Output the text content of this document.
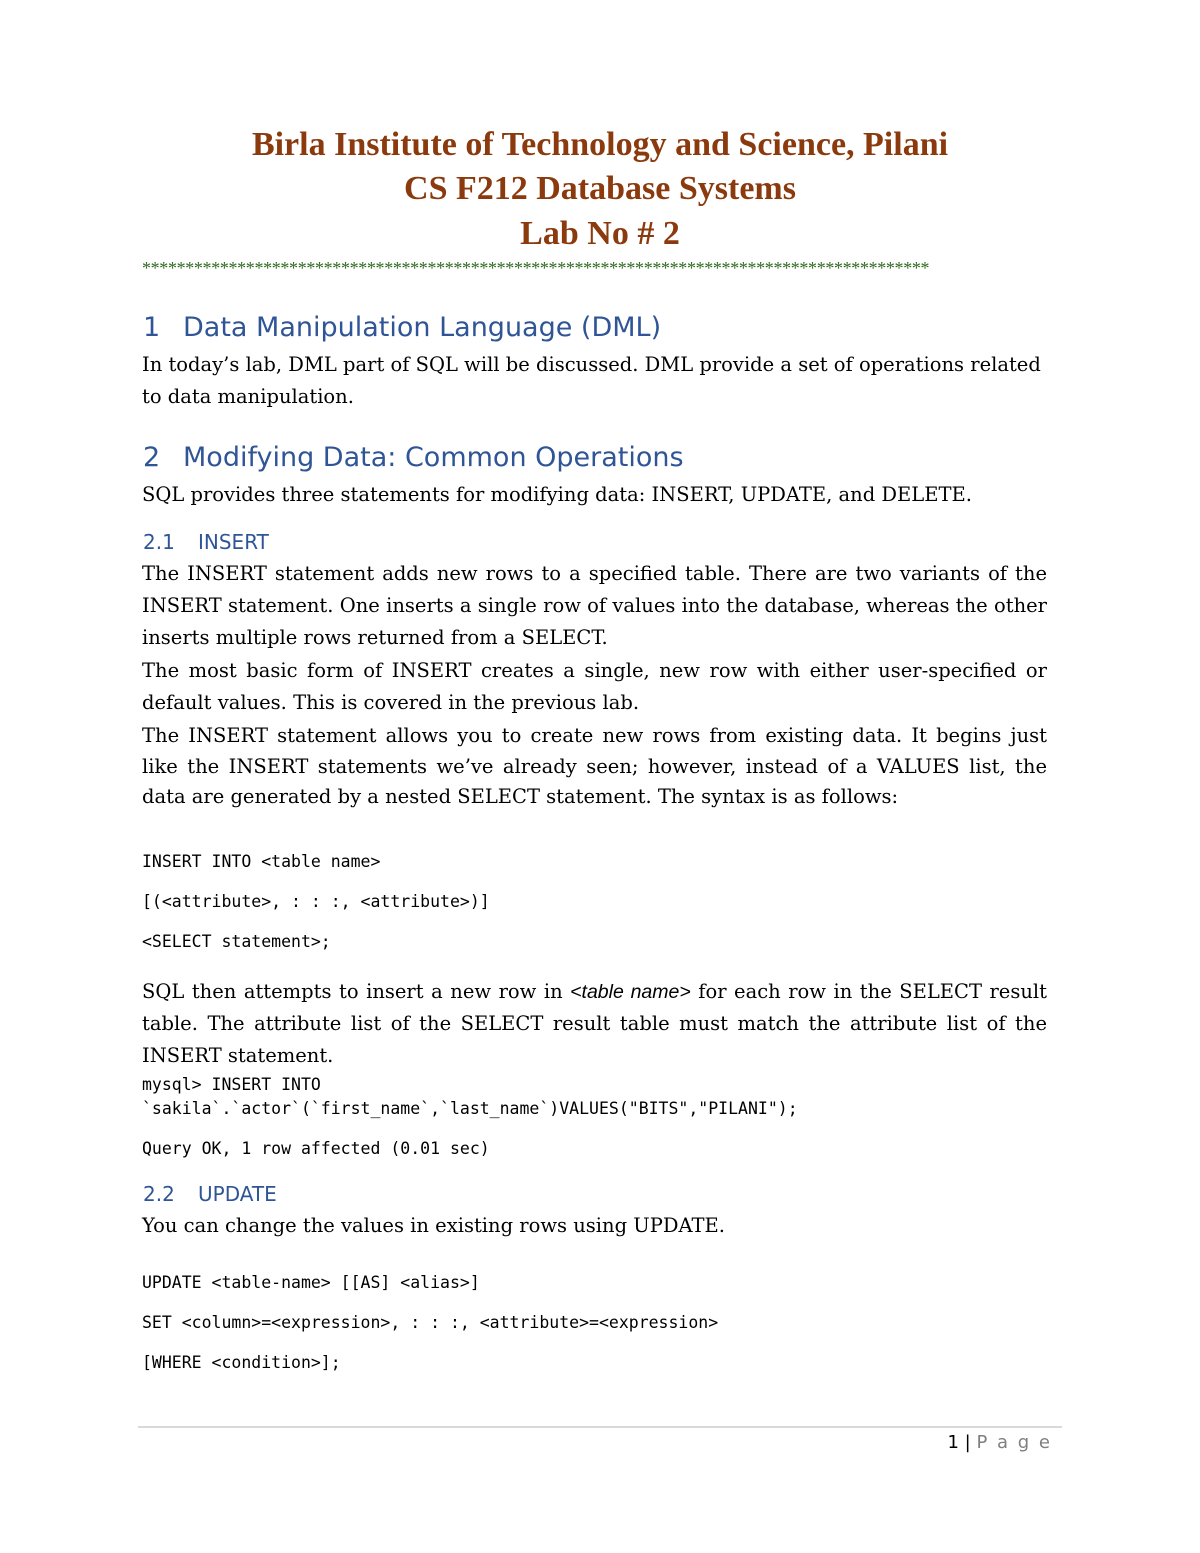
Birla Institute of Technology and Science, Pilani
CS F212 Database Systems
Lab No # 2
*******************************************************************************************
1 Data Manipulation Language (DML)
In today’s lab, DML part of SQL will be discussed. DML provide a set of operations related to data manipulation.
2 Modifying Data: Common Operations
SQL provides three statements for modifying data: INSERT, UPDATE, and DELETE.
2.1 INSERT
The INSERT statement adds new rows to a specified table. There are two variants of the INSERT statement. One inserts a single row of values into the database, whereas the other inserts multiple rows returned from a SELECT.
The most basic form of INSERT creates a single, new row with either user-specified or default values. This is covered in the previous lab.
The INSERT statement allows you to create new rows from existing data. It begins just like the INSERT statements we’ve already seen; however, instead of a VALUES list, the data are generated by a nested SELECT statement. The syntax is as follows:
INSERT INTO <table name>
[(<attribute>, : : :, <attribute>)]
<SELECT statement>;
SQL then attempts to insert a new row in <table name> for each row in the SELECT result table. The attribute list of the SELECT result table must match the attribute list of the INSERT statement.
mysql> INSERT INTO
`sakila`.`actor`(`first_name`,`last_name`)VALUES("BITS","PILANI");
Query OK, 1 row affected (0.01 sec)
2.2 UPDATE
You can change the values in existing rows using UPDATE.
UPDATE <table-name> [[AS] <alias>]
SET <column>=<expression>, : : :, <attribute>=<expression>
[WHERE <condition>];
1 | P a g e
